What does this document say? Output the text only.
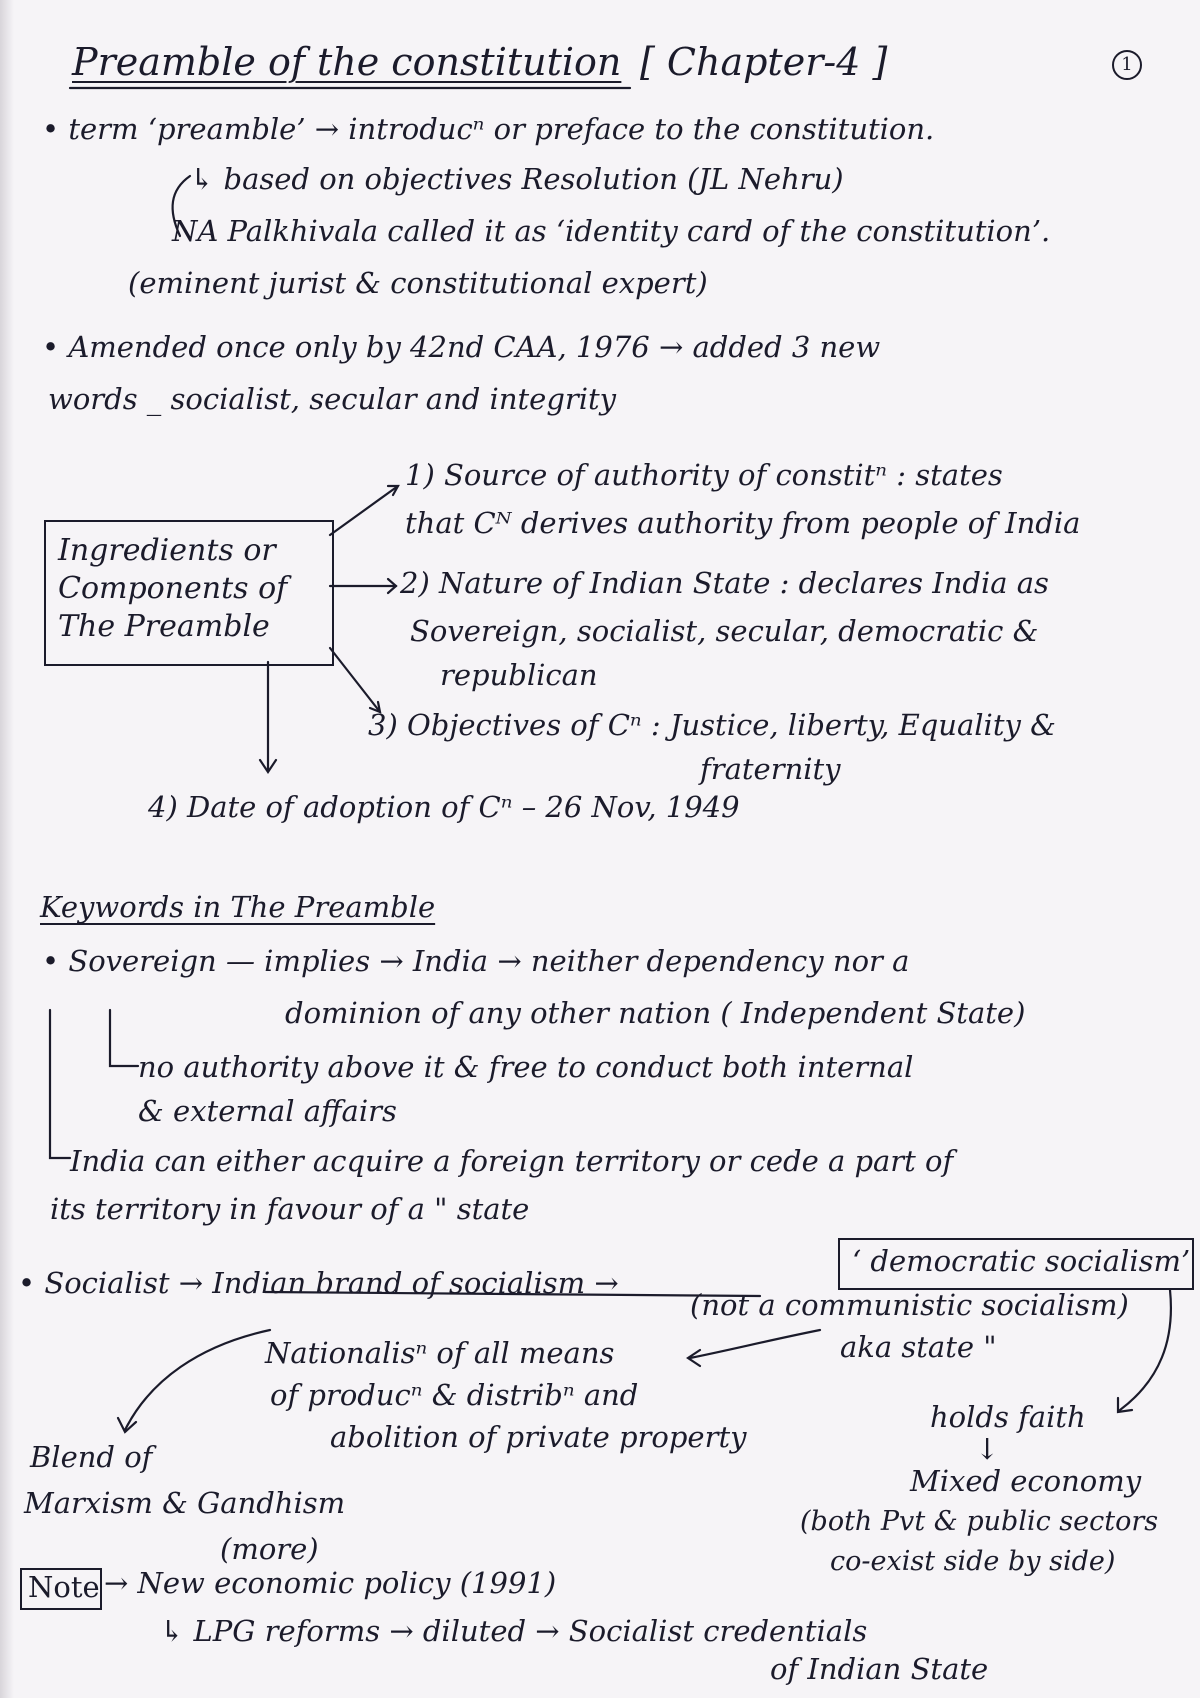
Preamble of the constitution [ Chapter-4 ]	1
• term ‘preamble’ → introducⁿ or preface to the constitution.
↳ based on objectives Resolution (JL Nehru)
NA Palkhivala called it as ‘identity card of the constitution’.
(eminent jurist & constitutional expert)
• Amended once only by 42nd CAA, 1976 → added 3 new
words _ socialist, secular and integrity
Ingredients or
Components of
The Preamble
1) Source of authority of constitⁿ : states
that Cᴺ derives authority from people of India
2) Nature of Indian State : declares India as
Sovereign, socialist, secular, democratic &
republican
3) Objectives of Cⁿ : Justice, liberty, Equality &
fraternity
4) Date of adoption of Cⁿ – 26 Nov, 1949
Keywords in The Preamble
• Sovereign — implies → India → neither dependency nor a
dominion of any other nation ( Independent State)
no authority above it & free to conduct both internal
& external affairs
India can either acquire a foreign territory or cede a part of
its territory in favour of a " state
• Socialist → Indian brand of socialism →
‘ democratic socialism’
(not a communistic socialism)
aka state "
Nationalisⁿ of all means
of producⁿ & distribⁿ and
abolition of private property
Blend of
Marxism & Gandhism
(more)
holds faith
↓
Mixed economy
(both Pvt & public sectors
co-exist side by side)
Note → New economic policy (1991)
↳ LPG reforms → diluted → Socialist credentials
of Indian State
